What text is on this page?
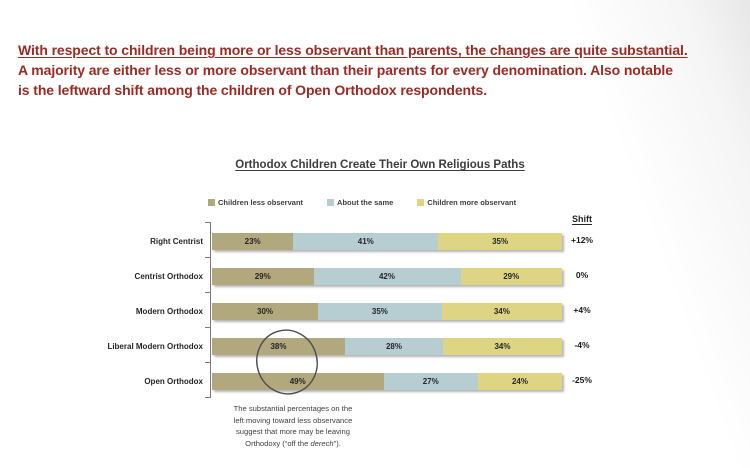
With respect to children being more or less observant than parents, the changes are quite substantial.
A majority are either less or more observant than their parents for every denomination. Also notable
is the leftward shift among the children of Open Orthodox respondents.
Orthodox Children Create Their Own Religious Paths
Children less observant	About the same	Children more observant
Shift
Right Centrist	23%	41%	35%	+12%
Centrist Orthodox	29%	42%	29%	0%
Modern Orthodox	30%	35%	34%	+4%
Liberal Modern Orthodox	38%	28%	34%	-4%
Open Orthodox	49%	27%	24%	-25%
The substantial percentages on the
left moving toward less observance
suggest that more may be leaving
Orthodoxy (“off the derech”).
